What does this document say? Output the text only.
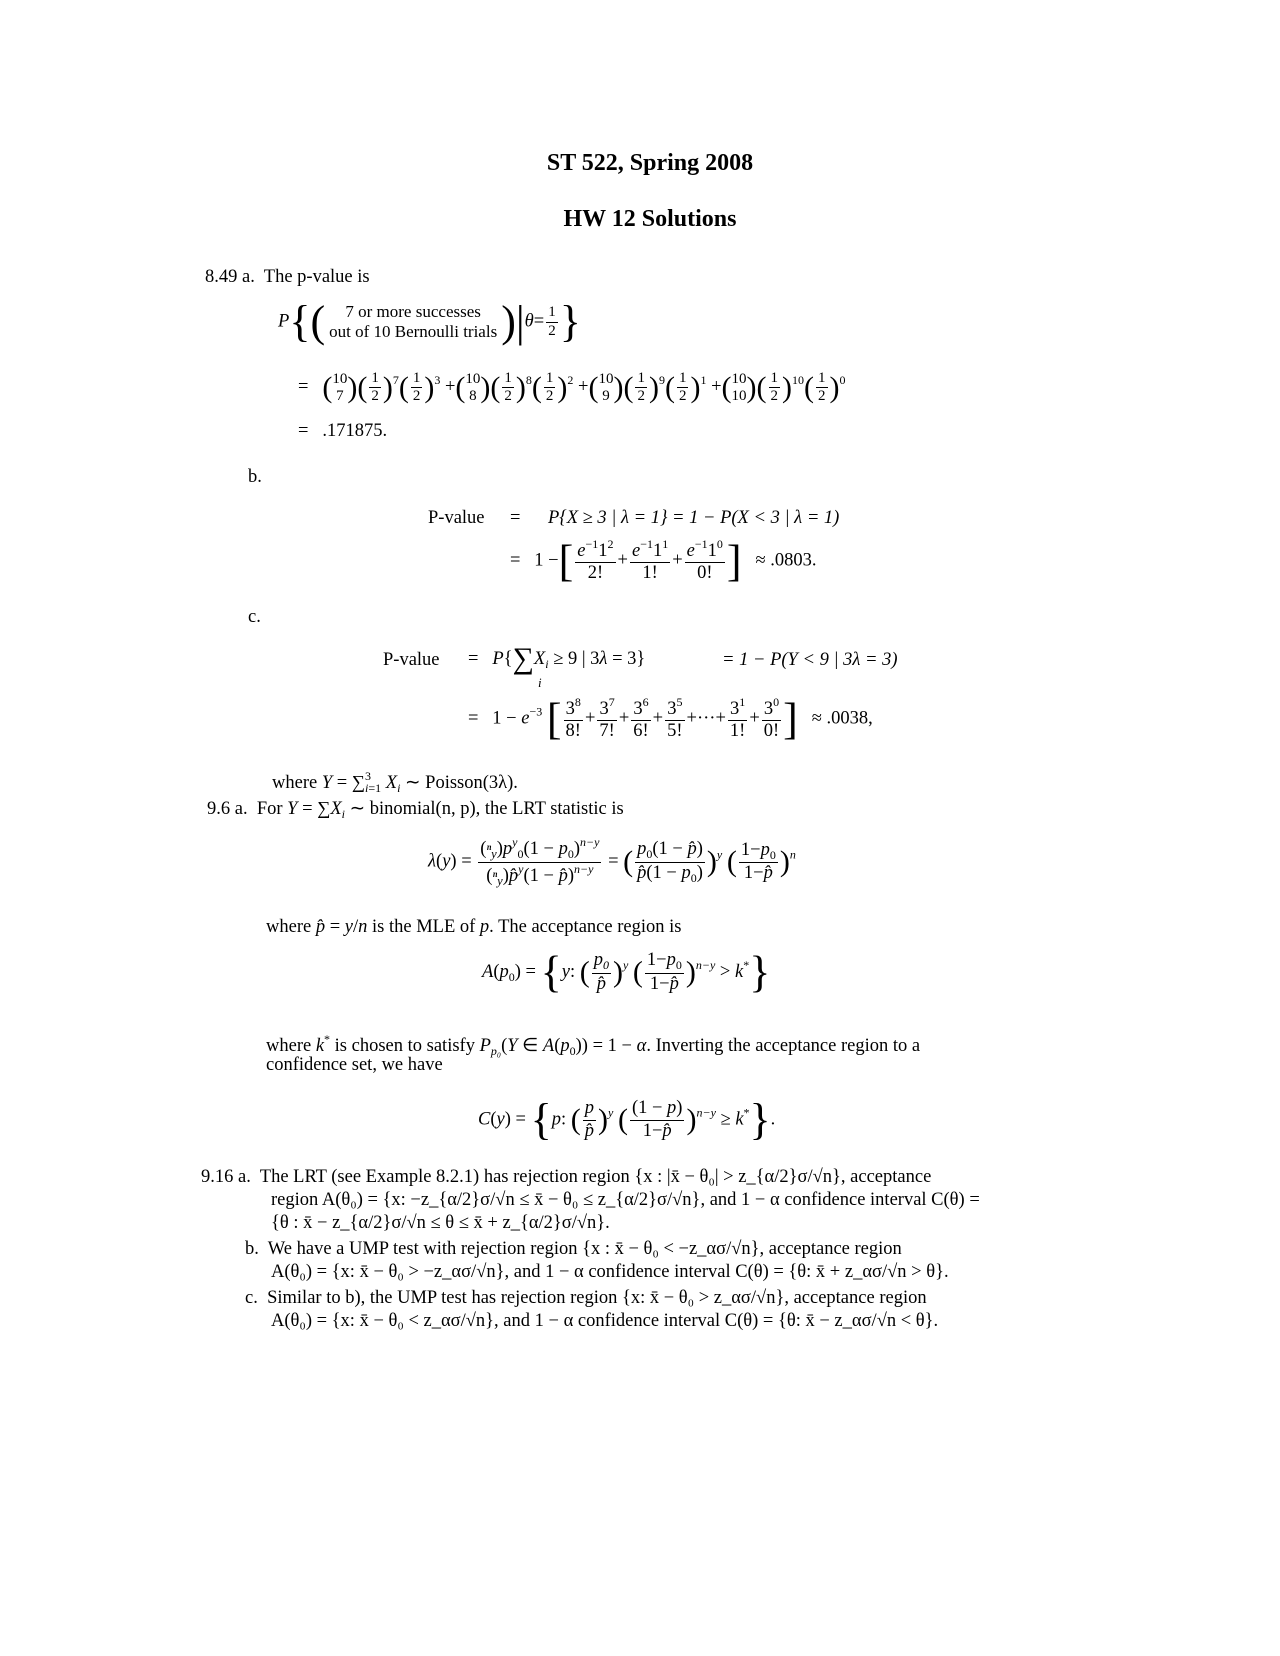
ST 522, Spring 2008
HW 12 Solutions
8.49 a. The p-value is
P{(	7 or more successes
out of 10 Bernoulli trials )$|\theta= \frac{1}{2}$ }
=   ( 10
7 )( $\frac{1}{2} )^7( \frac{1}{2} )^3$ +( 10
8 )( $\frac{1}{2} )^8( \frac{1}{2} )^2$ +( 10
9 )( $\frac{1}{2} )^9( \frac{1}{2} )^1$ +( 10
10 )( $\frac{1}{2} )^{10}( \frac{1}{2} )^0$
=   .171875.
b.
P-value = P{X ≥ 3 | λ = 1} = 1 − P(X < 3 | λ = 1)
=   1 −[ $\frac{e^{-1}1^2}{2!} + \frac{e^{-1}1^1}{1!} + \frac{e^{-1}1^0}{0!}$ ] ≈ .0803.
c.
P-value =   $P\{\sum X_i \ge 9$ | 3λ = 3}
i
= 1 − P(Y < 9 | 3λ = 3)
=   $1 - e^{-3}$ [ $\frac{3^8}{8!} + \frac{3^7}{7!} + \frac{3^6}{6!} + \frac{3^5}{5!}$ +···+ $\frac{3^1}{1!} + \frac{3^0}{0!}$ ] ≈ .0038,
where Y = ∑$^3_{i=1}$ $X_i$ ∼ Poisson(3λ).
9.6 a.  For $Y = \sum X_i$ ∼ binomial(n, p), the LRT statistic is
$\lambda(y) = \frac{(^n_y)p^y_0(1 - p_0)^{n-y}}{(^n_y)p̂^y(1 - p̂)^{n-y}}$ = ( $\frac{p_0(1 - p̂)}{p̂(1 - p_0)} )^y$ ( $\frac{1-p_0}{1-p̂} )^n$
where p̂ = y/n is the MLE of p. The acceptance region is
$A(p_0) = \{y$: ( $\frac{p_0}{p̂} )^y$ ( $\frac{1-p_0}{1-p̂} )^{n-y} > k^*$}
where k* is chosen to satisfy $P_{p_0}(Y$ ∈ $A(p_0)) = 1 - \alpha$. Inverting the acceptance region to a
confidence set, we have
C(y) = {p: ( $\frac{p}{p̂} )^y$ ( $\frac{(1 - p)}{1-p̂} )^{n-y} \ge k^*$}.
9.16 a. The LRT (see Example 8.2.1) has rejection region {x : |x̄ − θ₀| > z_{α/2}σ/√n}, acceptance
region A(θ₀) = {x: −z_{α/2}σ/√n ≤ x̄ − θ₀ ≤ z_{α/2}σ/√n}, and 1 − α confidence interval C(θ) =
{θ : x̄ − z_{α/2}σ/√n ≤ θ ≤ x̄ + z_{α/2}σ/√n}.
b. We have a UMP test with rejection region {x : x̄ − θ₀ < −z_ασ/√n}, acceptance region
A(θ₀) = {x: x̄ − θ₀ > −z_ασ/√n}, and 1 − α confidence interval C(θ) = {θ: x̄ + z_ασ/√n > θ}.
c. Similar to b), the UMP test has rejection region {x: x̄ − θ₀ > z_ασ/√n}, acceptance region
A(θ₀) = {x: x̄ − θ₀ < z_ασ/√n}, and 1 − α confidence interval C(θ) = {θ: x̄ − z_ασ/√n < θ}.
